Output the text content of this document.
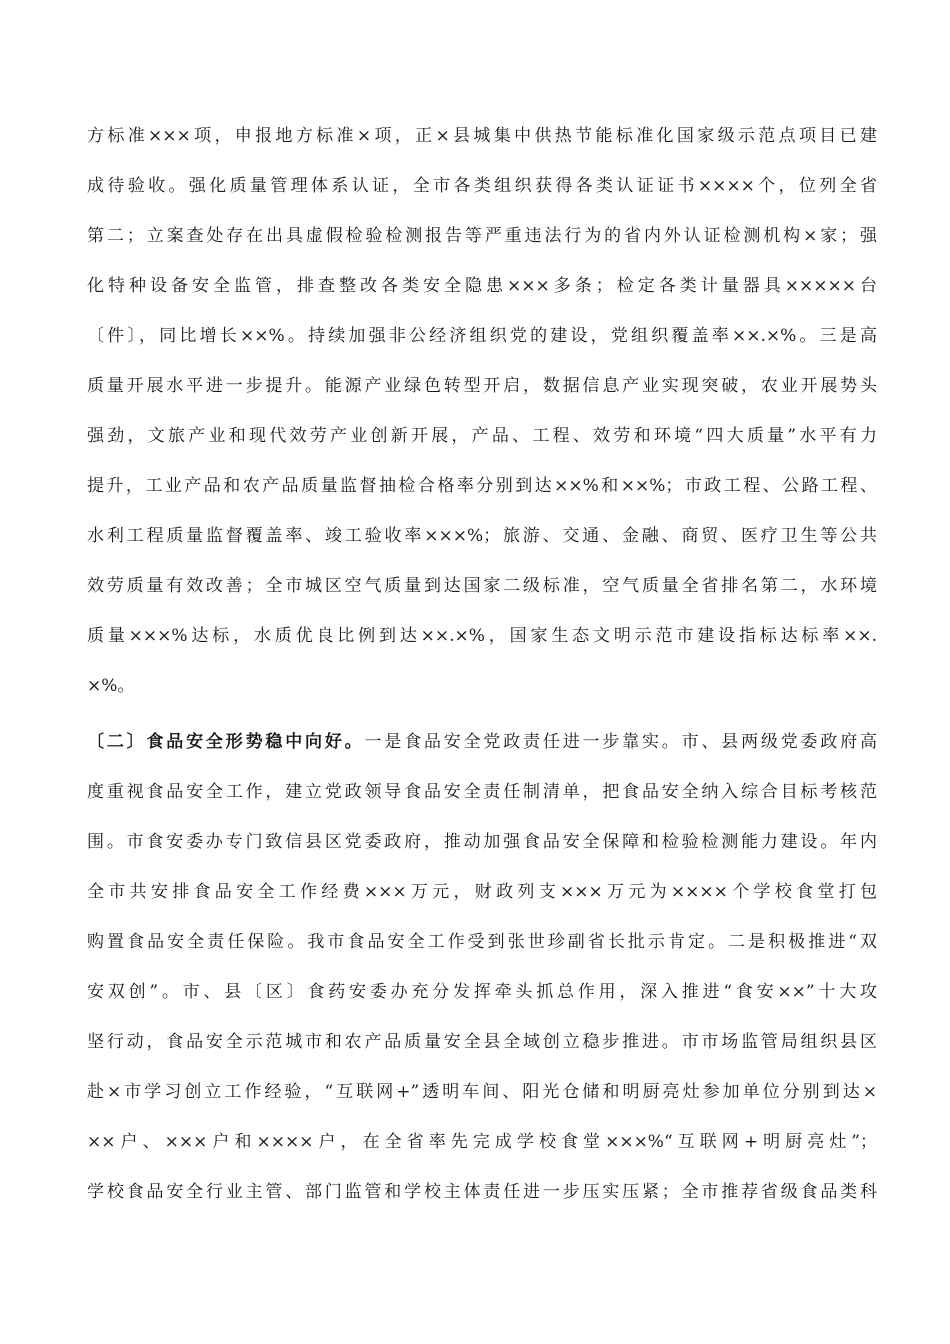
方标准×××项，申报地方标准×项，正×县城集中供热节能标准化国家级示范点项目已建
成待验收。强化质量管理体系认证，全市各类组织获得各类认证证书××××个，位列全省
第二；立案查处存在出具虚假检验检测报告等严重违法行为的省内外认证检测机构×家；强
化特种设备安全监管，排查整改各类安全隐患×××多条；检定各类计量器具×××××台
〔件〕，同比增长××%。持续加强非公经济组织党的建设，党组织覆盖率××.×%。三是高
质量开展水平进一步提升。能源产业绿色转型开启，数据信息产业实现突破，农业开展势头
强劲，文旅产业和现代效劳产业创新开展，产品、工程、效劳和环境“四大质量”水平有力
提升，工业产品和农产品质量监督抽检合格率分别到达××%和××%；市政工程、公路工程、
水利工程质量监督覆盖率、竣工验收率×××%；旅游、交通、金融、商贸、医疗卫生等公共
效劳质量有效改善；全市城区空气质量到达国家二级标准，空气质量全省排名第二，水环境
质量×××%达标，水质优良比例到达××.×%，国家生态文明示范市建设指标达标率××.
×%。
〔二〕食品安全形势稳中向好。一是食品安全党政责任进一步靠实。市、县两级党委政府高
度重视食品安全工作，建立党政领导食品安全责任制清单，把食品安全纳入综合目标考核范
围。市食安委办专门致信县区党委政府，推动加强食品安全保障和检验检测能力建设。年内
全市共安排食品安全工作经费×××万元，财政列支×××万元为××××个学校食堂打包
购置食品安全责任保险。我市食品安全工作受到张世珍副省长批示肯定。二是积极推进“双
安双创”。市、县〔区〕食药安委办充分发挥牵头抓总作用，深入推进“食安××”十大攻
坚行动，食品安全示范城市和农产品质量安全县全域创立稳步推进。市市场监管局组织县区
赴×市学习创立工作经验，“互联网+”透明车间、阳光仓储和明厨亮灶参加单位分别到达×
××户、×××户和××××户，在全省率先完成学校食堂×××%“互联网+明厨亮灶”；
学校食品安全行业主管、部门监管和学校主体责任进一步压实压紧；全市推荐省级食品类科
